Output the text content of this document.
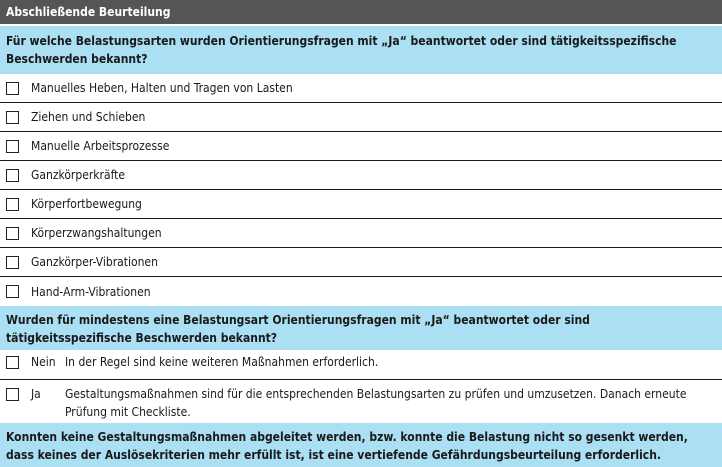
Abschließende Beurteilung
Für welche Belastungsarten wurden Orientierungsfragen mit „Ja“ beantwortet oder sind tätigkeitsspezifische Beschwerden bekannt?
Manuelles Heben, Halten und Tragen von Lasten
Ziehen und Schieben
Manuelle Arbeitsprozesse
Ganzkörperkräfte
Körperfortbewegung
Körperzwangshaltungen
Ganzkörper-Vibrationen
Hand-Arm-Vibrationen
Wurden für mindestens eine Belastungsart Orientierungsfragen mit „Ja“ beantwortet oder sind tätigkeitsspezifische Beschwerden bekannt?
Nein In der Regel sind keine weiteren Maßnahmen erforderlich.
Ja	Gestaltungsmaßnahmen sind für die entsprechenden Belastungsarten zu prüfen und umzusetzen. Danach erneute Prüfung mit Checkliste.
Konnten keine Gestaltungsmaßnahmen abgeleitet werden, bzw. konnte die Belastung nicht so gesenkt werden, dass keines der Auslösekriterien mehr erfüllt ist, ist eine vertiefende Gefährdungsbeurteilung erforderlich.
